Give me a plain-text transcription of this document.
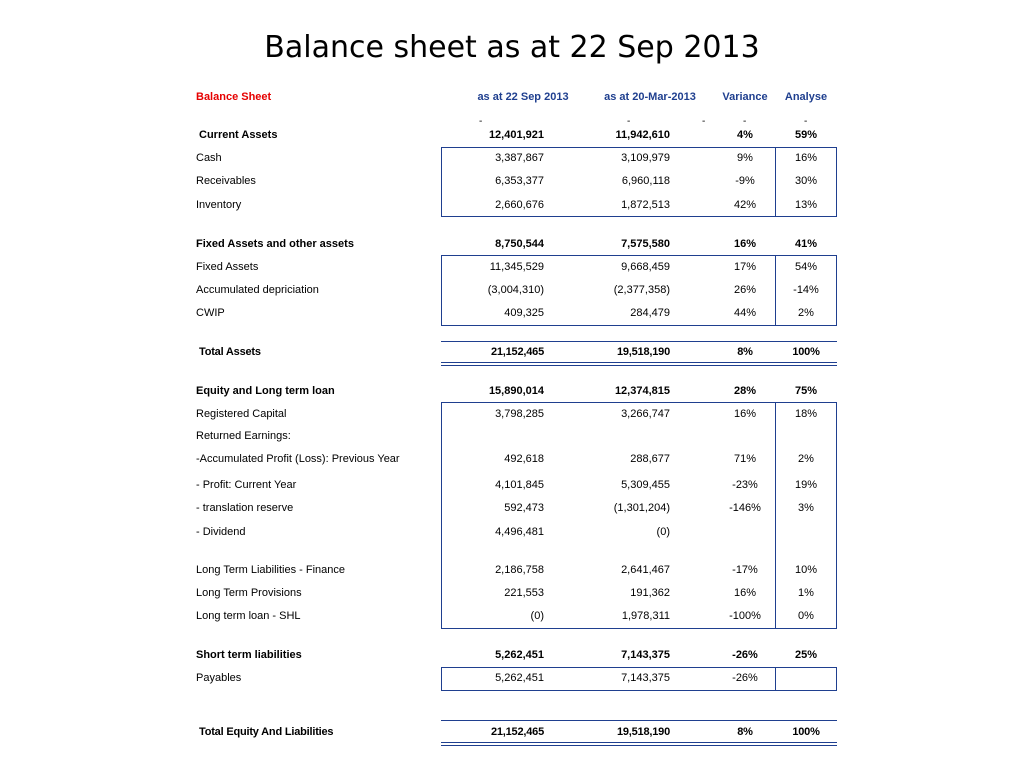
Balance sheet as at 22 Sep 2013
Balance Sheet	as at 22 Sep 2013	as at 20-Mar-2013	Variance	Analyse
-	-	-	-	-
Current Assets	12,401,921	11,942,610	4%	59%
Cash	3,387,867	3,109,979	9%	16%
Receivables	6,353,377	6,960,118	-9%	30%
Inventory	2,660,676	1,872,513	42%	13%
Fixed Assets and other assets	8,750,544	7,575,580	16%	41%
Fixed Assets	11,345,529	9,668,459	17%	54%
Accumulated depriciation	(3,004,310)	(2,377,358)	26%	-14%
CWIP	409,325	284,479	44%	2%
Total Assets	21,152,465	19,518,190	8%	100%
Equity and Long term loan	15,890,014	12,374,815	28%	75%
Registered Capital	3,798,285	3,266,747	16%	18%
Returned Earnings:
-Accumulated Profit (Loss): Previous Year	492,618	288,677	71%	2%
- Profit: Current Year	4,101,845	5,309,455	-23%	19%
- translation reserve	592,473	(1,301,204)	-146%	3%
- Dividend	4,496,481	(0)
Long Term Liabilities - Finance	2,186,758	2,641,467	-17%	10%
Long Term Provisions	221,553	191,362	16%	1%
Long term loan - SHL	(0)	1,978,311	-100%	0%
Short term liabilities	5,262,451	7,143,375	-26%	25%
Payables	5,262,451	7,143,375	-26%
Total Equity And Liabilities	21,152,465	19,518,190	8%	100%
